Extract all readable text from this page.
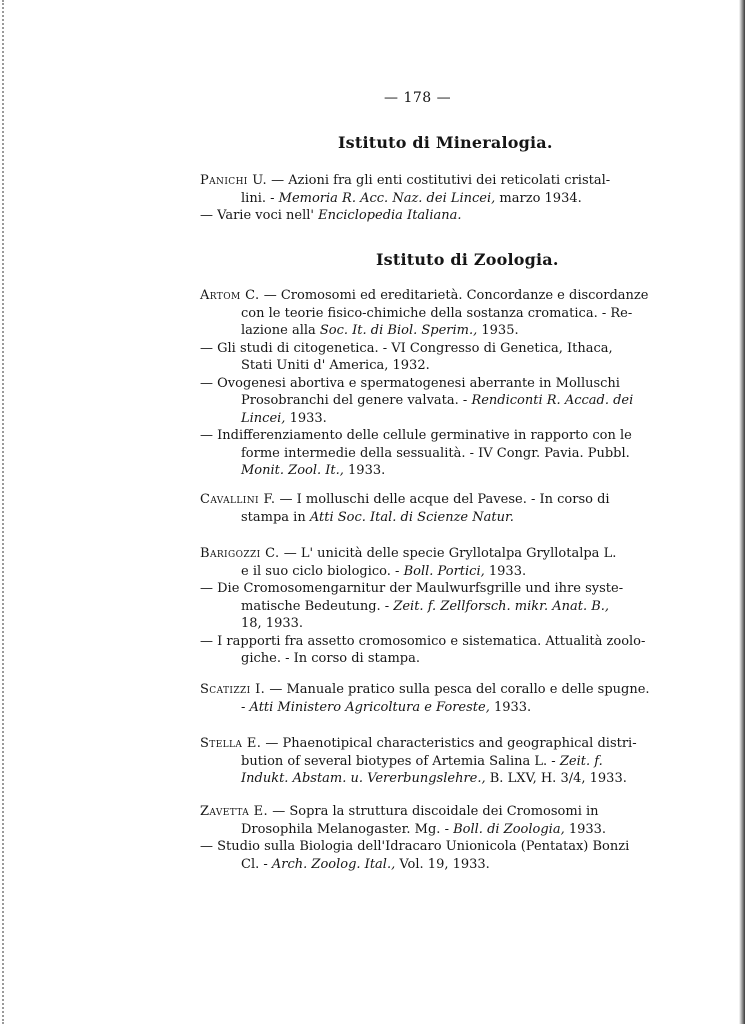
— 178 —
Istituto di Mineralogia.
Istituto di Zoologia.
Panichi U. — Azioni fra gli enti costitutivi dei reticolati cristal-
lini. - Memoria R. Acc. Naz. dei Lincei, marzo 1934.
— Varie voci nell' Enciclopedia Italiana.
Artom C. — Cromosomi ed ereditarietà. Concordanze e discordanze
con le teorie fisico-chimiche della sostanza cromatica. - Re-
lazione alla Soc. It. di Biol. Sperim., 1935.
— Gli studi di citogenetica. - VI Congresso di Genetica, Ithaca,
Stati Uniti d' America, 1932.
— Ovogenesi abortiva e spermatogenesi aberrante in Molluschi
Prosobranchi del genere valvata. - Rendiconti R. Accad. dei
Lincei, 1933.
— Indifferenziamento delle cellule germinative in rapporto con le
forme intermedie della sessualità. - IV Congr. Pavia. Pubbl.
Monit. Zool. It., 1933.
Cavallini F. — I molluschi delle acque del Pavese. - In corso di
stampa in Atti Soc. Ital. di Scienze Natur.
Barigozzi C. — L' unicità delle specie Gryllotalpa Gryllotalpa L.
e il suo ciclo biologico. - Boll. Portici, 1933.
— Die Cromosomengarnitur der Maulwurfsgrille und ihre syste-
matische Bedeutung. - Zeit. f. Zellforsch. mikr. Anat. B.,
18, 1933.
— I rapporti fra assetto cromosomico e sistematica. Attualità zoolo-
giche. - In corso di stampa.
Scatizzi I. — Manuale pratico sulla pesca del corallo e delle spugne.
- Atti Ministero Agricoltura e Foreste, 1933.
Stella E. — Phaenotipical characteristics and geographical distri-
bution of several biotypes of Artemia Salina L. - Zeit. f.
Indukt. Abstam. u. Vererbungslehre., B. LXV, H. 3/4, 1933.
Zavetta E. — Sopra la struttura discoidale dei Cromosomi in
Drosophila Melanogaster. Mg. - Boll. di Zoologia, 1933.
— Studio sulla Biologia dell'Idracaro Unionicola (Pentatax) Bonzi
Cl. - Arch. Zoolog. Ital., Vol. 19, 1933.
